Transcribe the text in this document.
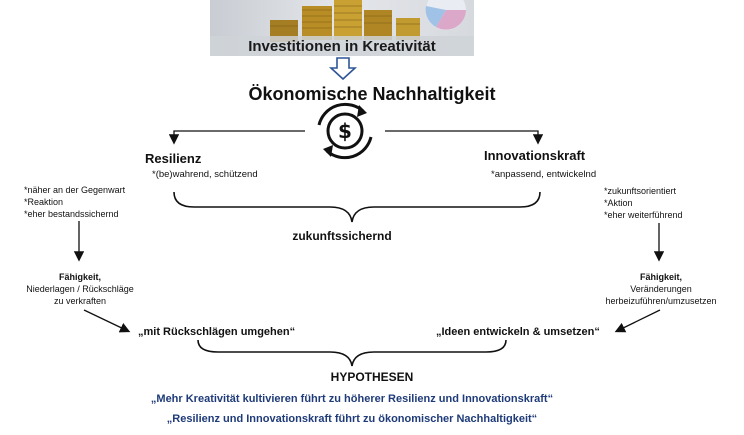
Investitionen in Kreativität
$
Ökonomische Nachhaltigkeit
Resilienz
*(be)wahrend, schützend
*näher an der Gegenwart
*Reaktion
*eher bestandssichernd
Fähigkeit,
Niederlagen / Rückschläge
zu verkraften
„mit Rückschlägen umgehen“
Innovationskraft
*anpassend, entwickelnd
*zukunftsorientiert
*Aktion
*eher weiterführend
Fähigkeit,
Veränderungen
herbeizuführen/umzusetzen
„Ideen entwickeln & umsetzen“
zukunftssichernd
HYPOTHESEN
„Mehr Kreativität kultivieren führt zu höherer Resilienz und Innovationskraft“
„Resilienz und Innovationskraft führt zu ökonomischer Nachhaltigkeit“
